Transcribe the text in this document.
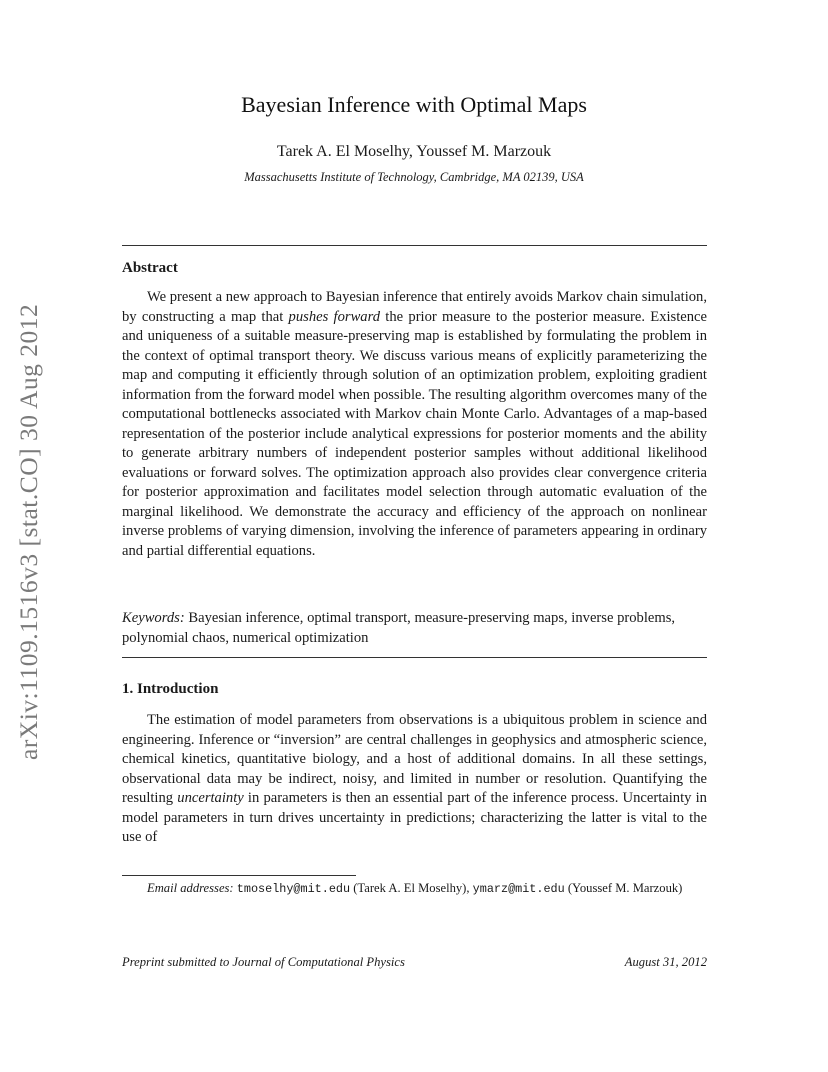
arXiv:1109.1516v3 [stat.CO] 30 Aug 2012
Bayesian Inference with Optimal Maps
Tarek A. El Moselhy, Youssef M. Marzouk
Massachusetts Institute of Technology, Cambridge, MA 02139, USA
Abstract

We present a new approach to Bayesian inference that entirely avoids Markov chain simulation, by constructing a map that pushes forward the prior measure to the posterior measure. Existence and uniqueness of a suitable measure-preserving map is established by formulating the problem in the context of optimal transport theory. We discuss various means of explicitly parameterizing the map and computing it efficiently through solution of an optimization problem, exploiting gradient information from the forward model when possible. The resulting algorithm overcomes many of the computational bottlenecks associated with Markov chain Monte Carlo. Advantages of a map-based representation of the posterior include analytical expressions for posterior moments and the ability to generate arbitrary numbers of independent posterior samples without additional likelihood evaluations or forward solves. The optimization approach also provides clear convergence criteria for posterior approximation and facilitates model selection through automatic evaluation of the marginal likelihood. We demonstrate the accuracy and efficiency of the approach on nonlinear inverse problems of varying dimension, involving the inference of parameters appearing in ordinary and partial differential equations.

Keywords: Bayesian inference, optimal transport, measure-preserving maps, inverse problems, polynomial chaos, numerical optimization
1. Introduction

The estimation of model parameters from observations is a ubiquitous problem in science and engineering. Inference or “inversion” are central challenges in geophysics and atmospheric science, chemical kinetics, quantitative biology, and a host of additional domains. In all these settings, observational data may be indirect, noisy, and limited in number or resolution. Quantifying the resulting uncertainty in parameters is then an essential part of the inference process. Uncertainty in model parameters in turn drives uncertainty in predictions; characterizing the latter is vital to the use of

Email addresses: tmoselhy@mit.edu (Tarek A. El Moselhy), ymarz@mit.edu (Youssef M. Marzouk)
Preprint submitted to Journal of Computational Physics	August 31, 2012
